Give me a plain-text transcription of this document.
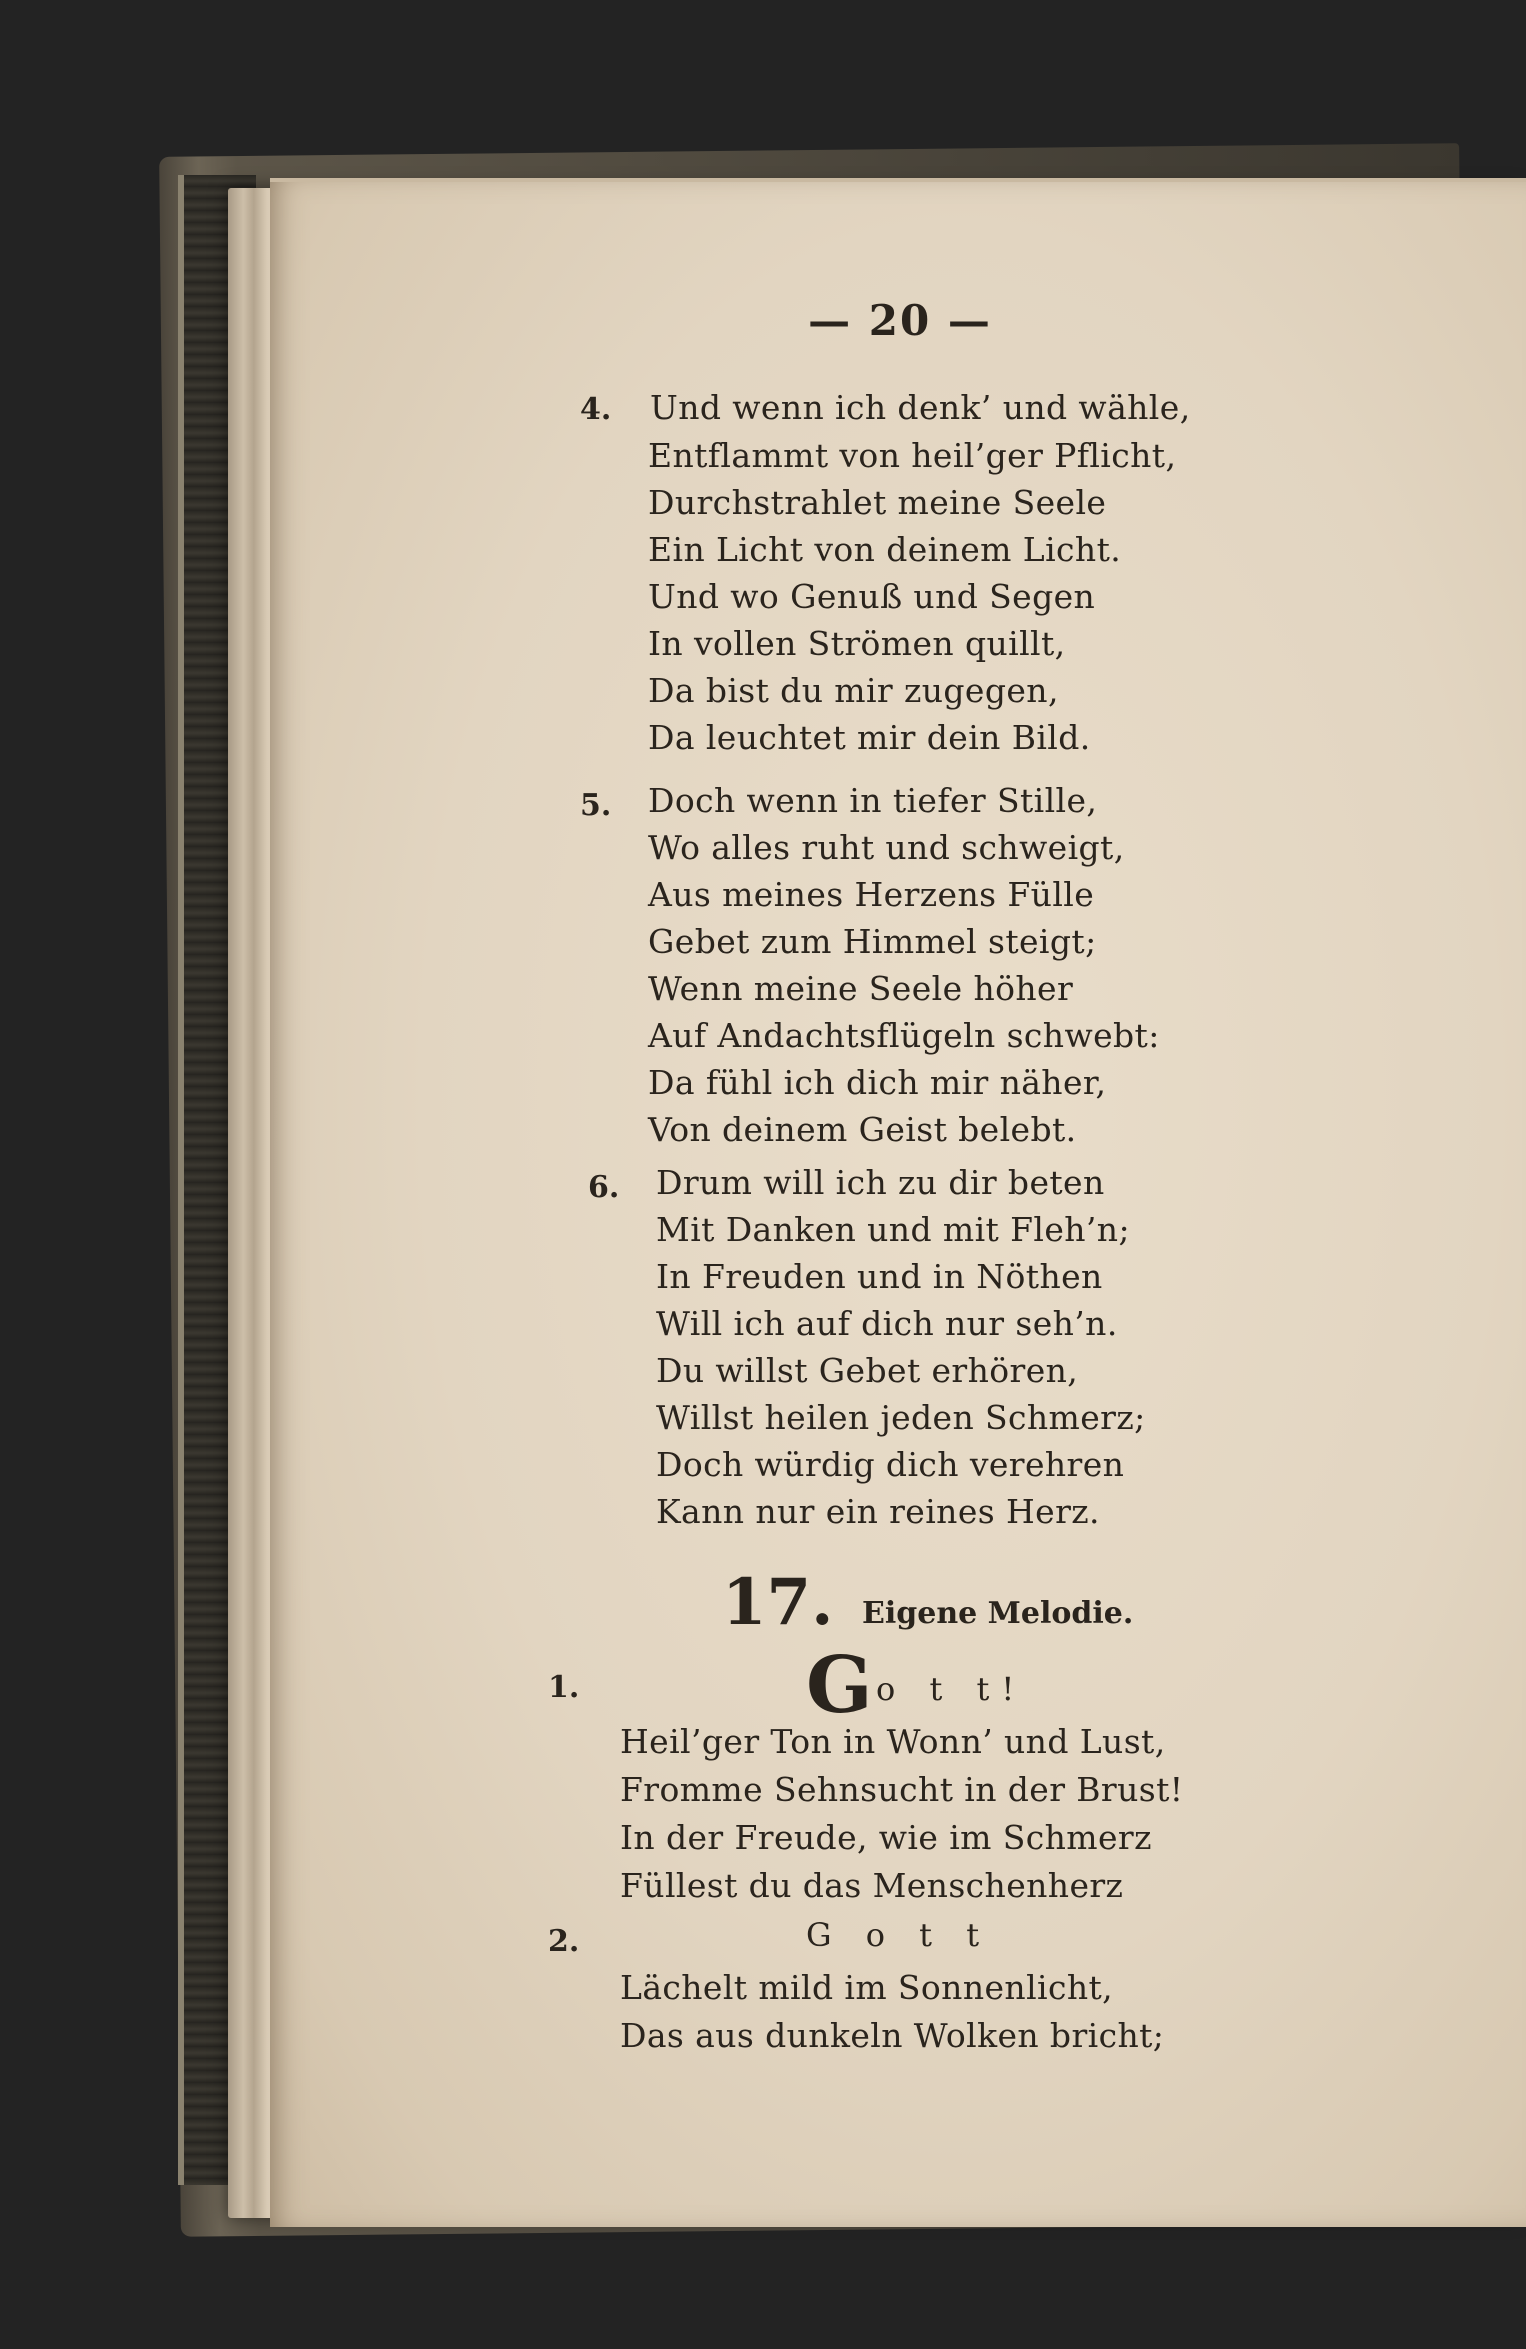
— 20 —
4. Und wenn ich denk’ und wähle,
Entflammt von heil’ger Pflicht,
Durchstrahlet meine Seele
Ein Licht von deinem Licht.
Und wo Genuß und Segen
In vollen Strömen quillt,
Da bist du mir zugegen,
Da leuchtet mir dein Bild.
5. Doch wenn in tiefer Stille,
Wo alles ruht und schweigt,
Aus meines Herzens Fülle
Gebet zum Himmel steigt;
Wenn meine Seele höher
Auf Andachtsflügeln schwebt:
Da fühl ich dich mir näher,
Von deinem Geist belebt.
6. Drum will ich zu dir beten
Mit Danken und mit Fleh’n;
In Freuden und in Nöthen
Will ich auf dich nur seh’n.
Du willst Gebet erhören,
Willst heilen jeden Schmerz;
Doch würdig dich verehren
Kann nur ein reines Herz.
17. Eigene Melodie.
1.	G o t t!
Heil’ger Ton in Wonn’ und Lust,
Fromme Sehnsucht in der Brust!
In der Freude, wie im Schmerz
Füllest du das Menschenherz
2.	G o t t
Lächelt mild im Sonnenlicht,
Das aus dunkeln Wolken bricht;
